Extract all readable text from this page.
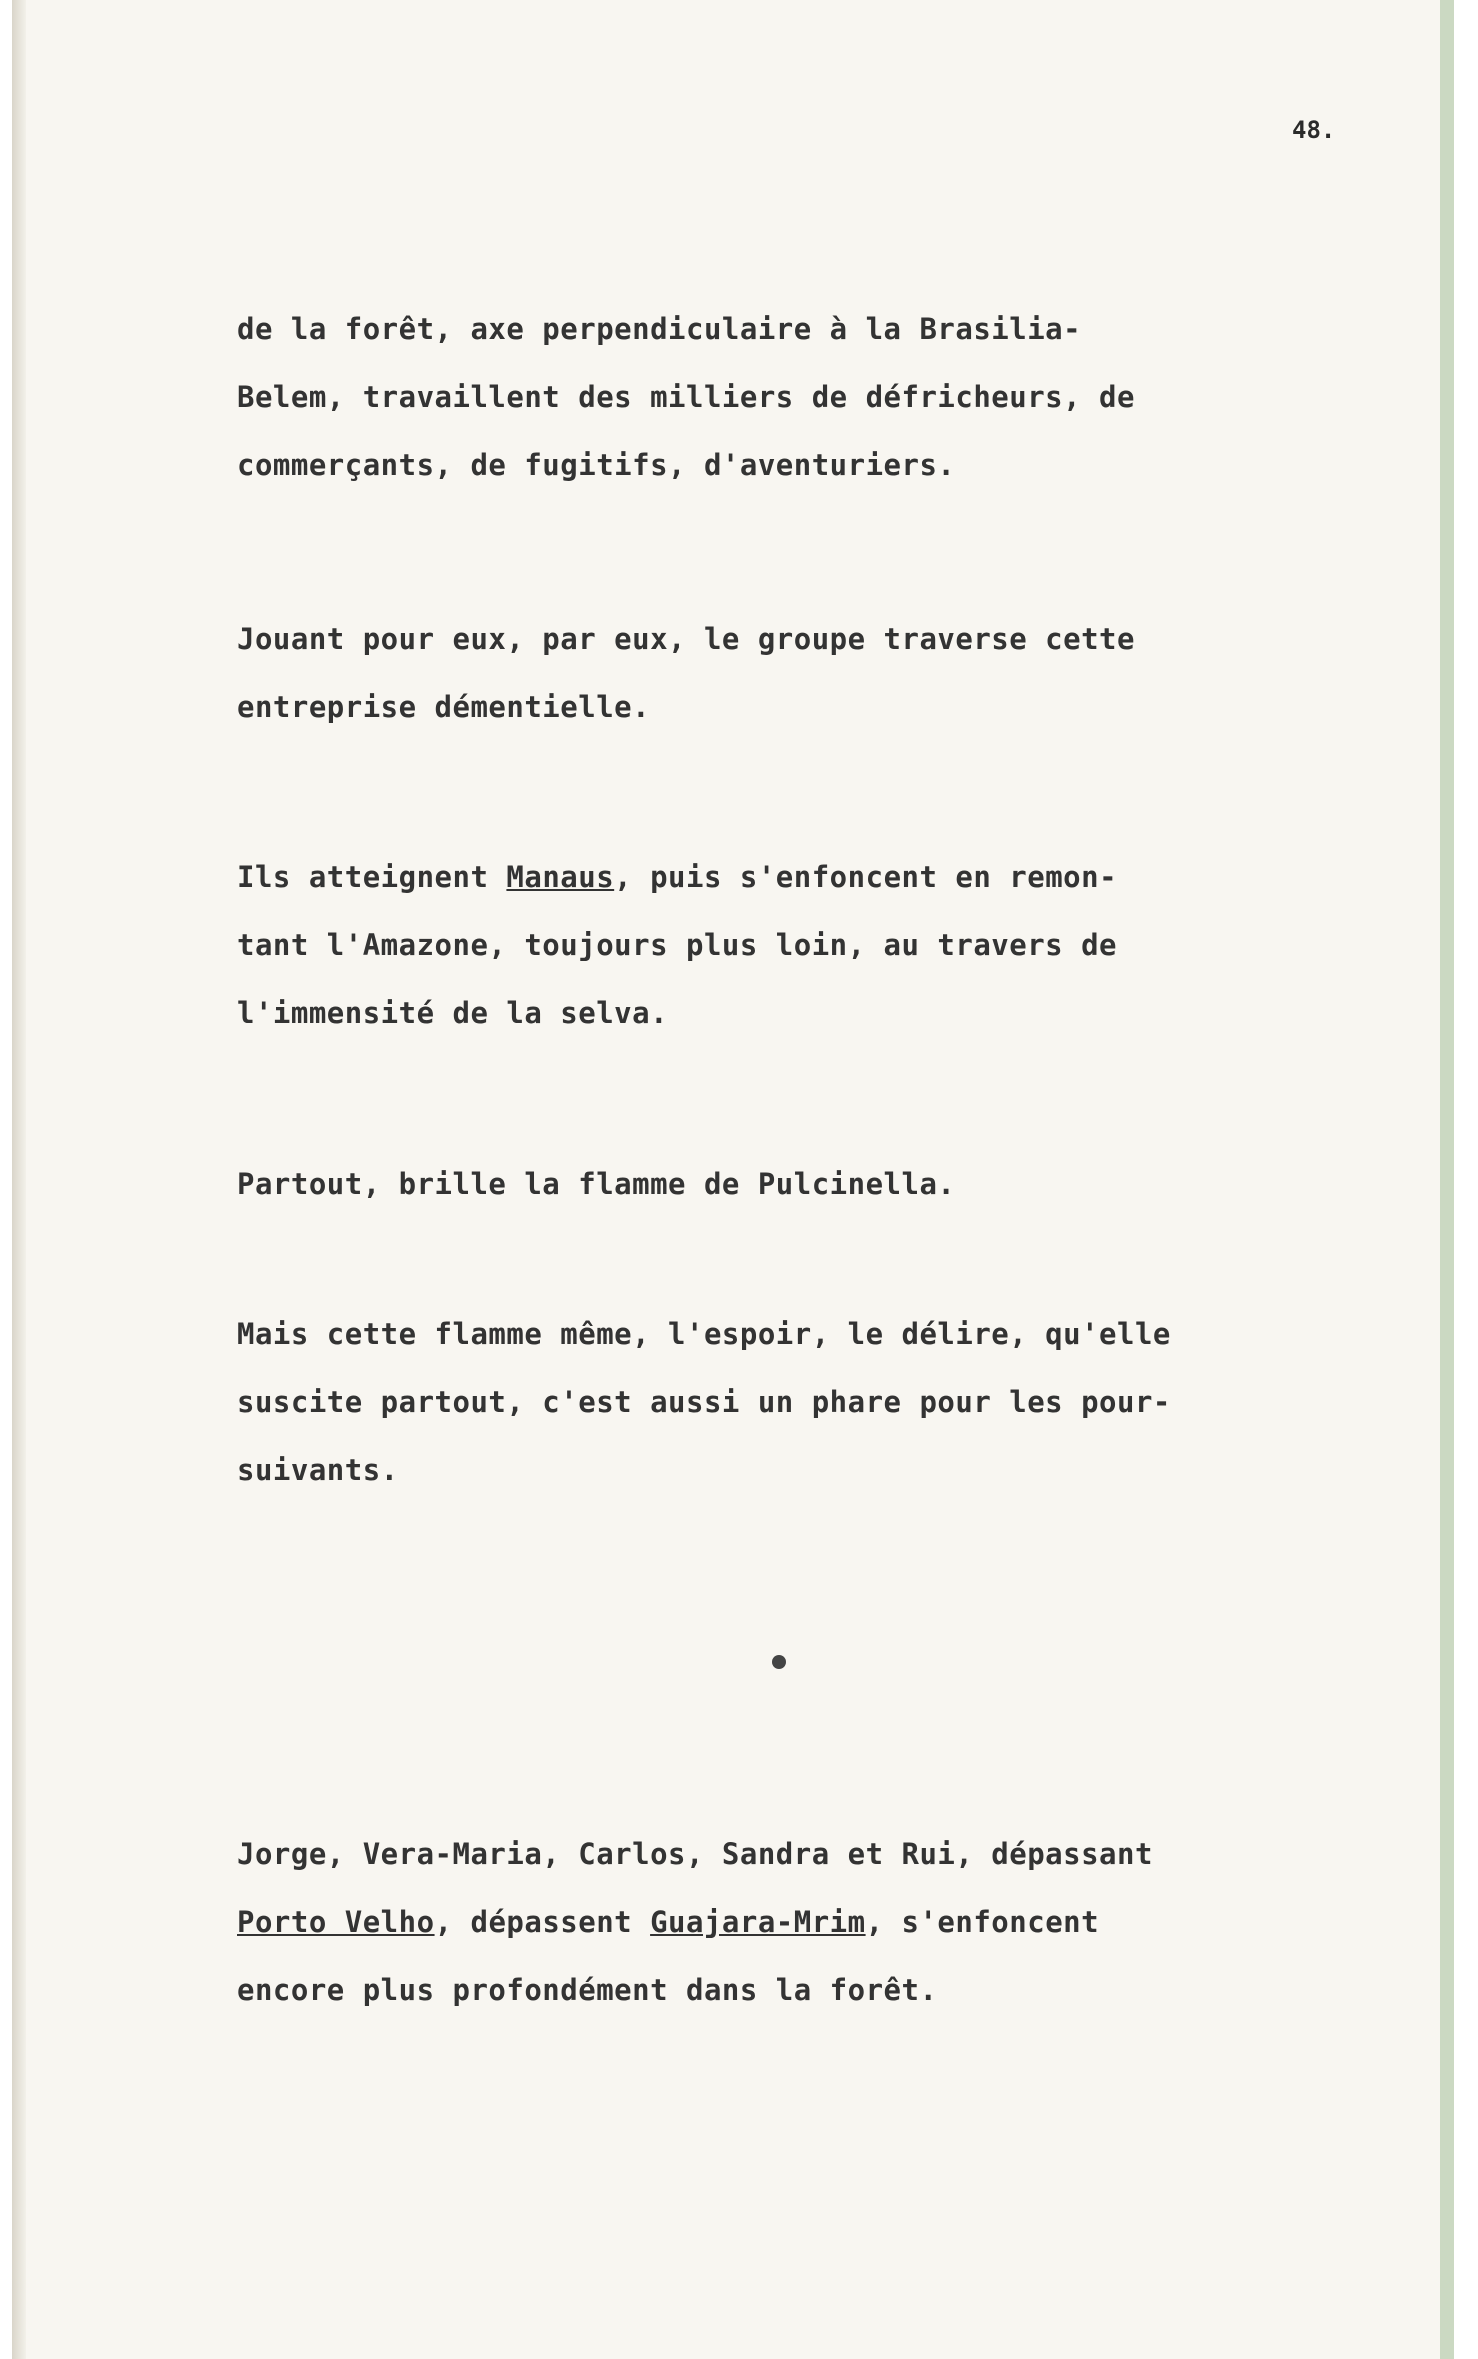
48.
de la forêt, axe perpendiculaire à la Brasilia-
Belem, travaillent des milliers de défricheurs, de
commerçants, de fugitifs, d'aventuriers.
Jouant pour eux, par eux, le groupe traverse cette
entreprise démentielle.
Ils atteignent Manaus, puis s'enfoncent en remon-
tant l'Amazone, toujours plus loin, au travers de
l'immensité de la selva.
Partout, brille la flamme de Pulcinella.
Mais cette flamme même, l'espoir, le délire, qu'elle
suscite partout, c'est aussi un phare pour les pour-
suivants.
Jorge, Vera-Maria, Carlos, Sandra et Rui, dépassant
Porto Velho, dépassent Guajara-Mrim, s'enfoncent
encore plus profondément dans la forêt.
